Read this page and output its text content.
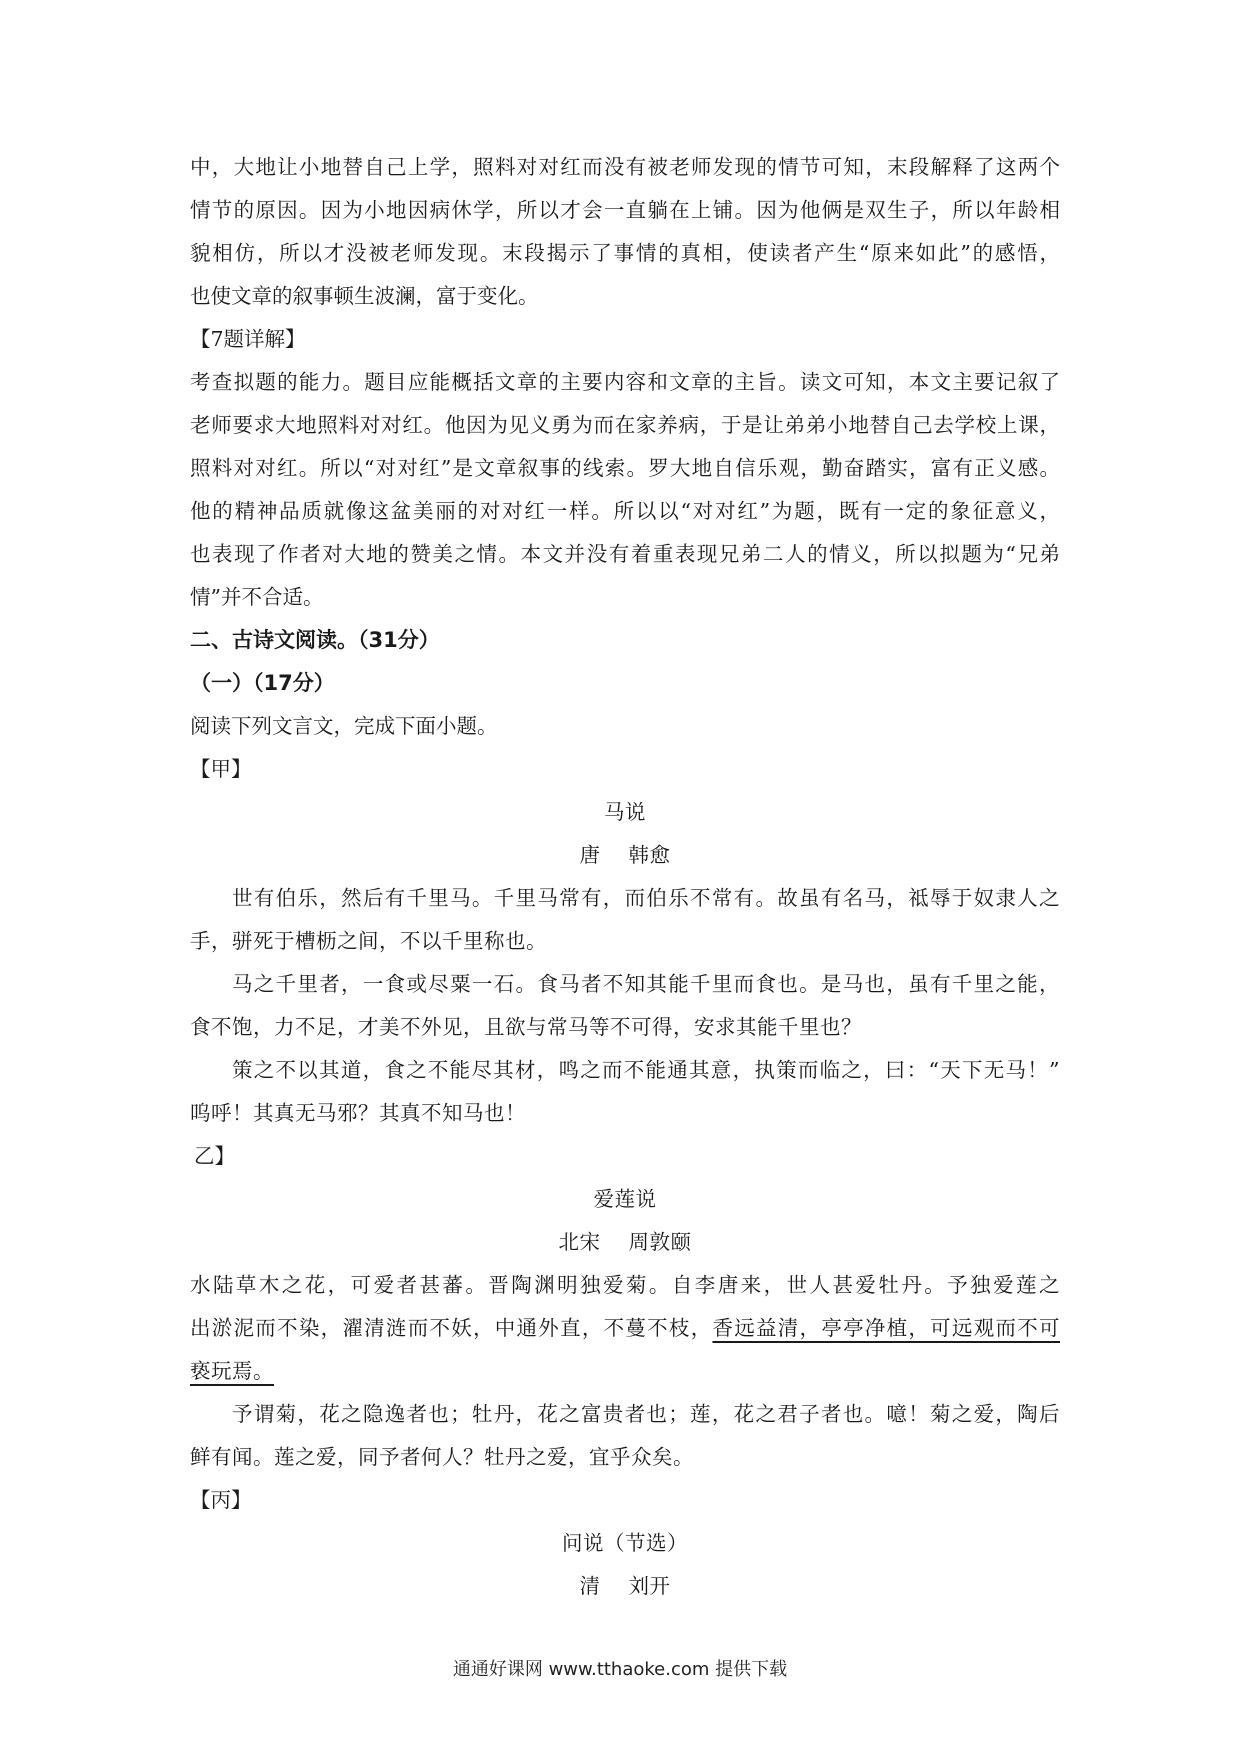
中，大地让小地替自己上学，照料对对红而没有被老师发现的情节可知，末段解释了这两个
情节的原因。因为小地因病休学，所以才会一直躺在上铺。因为他俩是双生子，所以年龄相
貌相仿，所以才没被老师发现。末段揭示了事情的真相，使读者产生“原来如此”的感悟，
也使文章的叙事顿生波澜，富于变化。
【7题详解】
考查拟题的能力。题目应能概括文章的主要内容和文章的主旨。读文可知，本文主要记叙了
老师要求大地照料对对红。他因为见义勇为而在家养病，于是让弟弟小地替自己去学校上课，
照料对对红。所以“对对红”是文章叙事的线索。罗大地自信乐观，勤奋踏实，富有正义感。
他的精神品质就像这盆美丽的对对红一样。所以以“对对红”为题，既有一定的象征意义，
也表现了作者对大地的赞美之情。本文并没有着重表现兄弟二人的情义，所以拟题为“兄弟
情”并不合适。
二、古诗文阅读。（31分）
（一）（17分）
阅读下列文言文，完成下面小题。
【甲】
马说
唐    韩愈
世有伯乐，然后有千里马。千里马常有，而伯乐不常有。故虽有名马，祗辱于奴隶人之
手，骈死于槽枥之间，不以千里称也。
马之千里者，一食或尽粟一石。食马者不知其能千里而食也。是马也，虽有千里之能，
食不饱，力不足，才美不外见，且欲与常马等不可得，安求其能千里也？
策之不以其道，食之不能尽其材，鸣之而不能通其意，执策而临之，曰：“天下无马！”
呜呼！其真无马邪？其真不知马也！
乙】
爱莲说
北宋    周敦颐
水陆草木之花，可爱者甚蕃。晋陶渊明独爱菊。自李唐来，世人甚爱牡丹。予独爱莲之
出淤泥而不染，濯清涟而不妖，中通外直，不蔓不枝，香远益清，亭亭净植，可远观而不可
亵玩焉。
予谓菊，花之隐逸者也；牡丹，花之富贵者也；莲，花之君子者也。噫！菊之爱，陶后
鲜有闻。莲之爱，同予者何人？牡丹之爱，宜乎众矣。
【丙】
问说（节选）
清    刘开
通通好课网 www.tthaoke.com 提供下载
